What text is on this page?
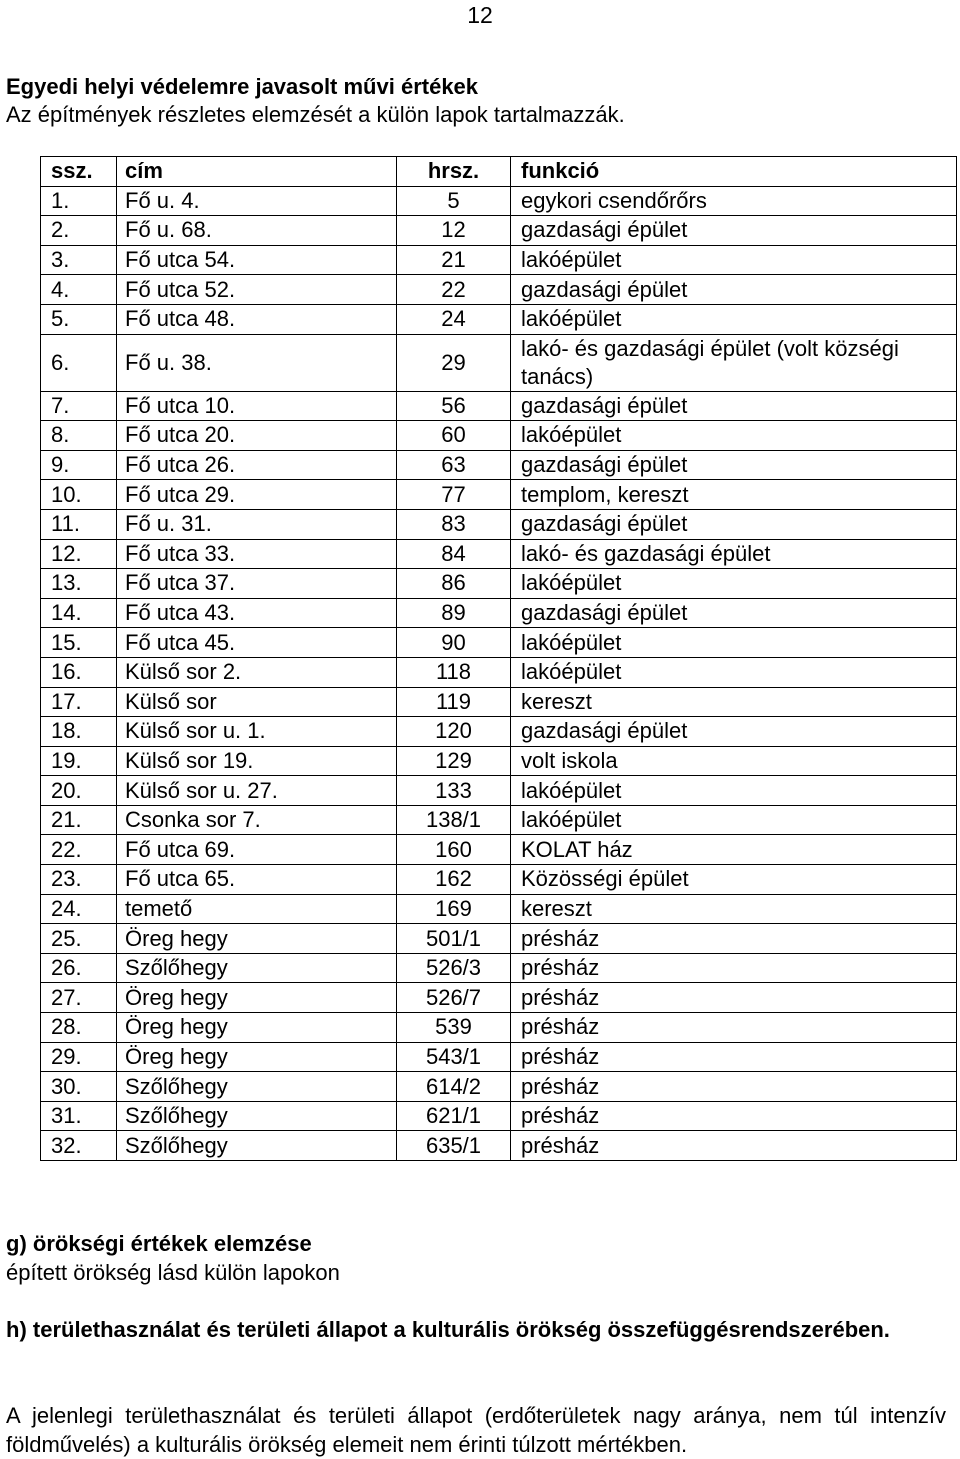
12
Egyedi helyi védelemre javasolt művi értékek
Az építmények részletes elemzését a külön lapok tartalmazzák.
ssz.	cím	hrsz.	funkció
1.	Fő u. 4.	5	egykori csendőrőrs
2.	Fő u. 68.	12	gazdasági épület
3.	Fő utca 54.	21	lakóépület
4.	Fő utca 52.	22	gazdasági épület
5.	Fő utca 48.	24	lakóépület
6.	Fő u. 38.	29	lakó- és gazdasági épület (volt községi tanács)
7.	Fő utca 10.	56	gazdasági épület
8.	Fő utca 20.	60	lakóépület
9.	Fő utca 26.	63	gazdasági épület
10.	Fő utca 29.	77	templom, kereszt
11.	Fő u. 31.	83	gazdasági épület
12.	Fő utca 33.	84	lakó- és gazdasági épület
13.	Fő utca 37.	86	lakóépület
14.	Fő utca 43.	89	gazdasági épület
15.	Fő utca 45.	90	lakóépület
16.	Külső sor 2.	118	lakóépület
17.	Külső sor	119	kereszt
18.	Külső sor u. 1.	120	gazdasági épület
19.	Külső sor 19.	129	volt iskola
20.	Külső sor u. 27.	133	lakóépület
21.	Csonka sor 7.	138/1	lakóépület
22.	Fő utca 69.	160	KOLAT ház
23.	Fő utca 65.	162	Közösségi épület
24.	temető	169	kereszt
25.	Öreg hegy	501/1	présház
26.	Szőlőhegy	526/3	présház
27.	Öreg hegy	526/7	présház
28.	Öreg hegy	539	présház
29.	Öreg hegy	543/1	présház
30.	Szőlőhegy	614/2	présház
31.	Szőlőhegy	621/1	présház
32.	Szőlőhegy	635/1	présház
g) örökségi értékek elemzése
épített örökség lásd külön lapokon
h) területhasználat és területi állapot a kulturális örökség összefüggésrendszerében.
A jelenlegi területhasználat és területi állapot (erdőterületek nagy aránya, nem túl intenzív földművelés) a kulturális örökség elemeit nem érinti túlzott mértékben.
